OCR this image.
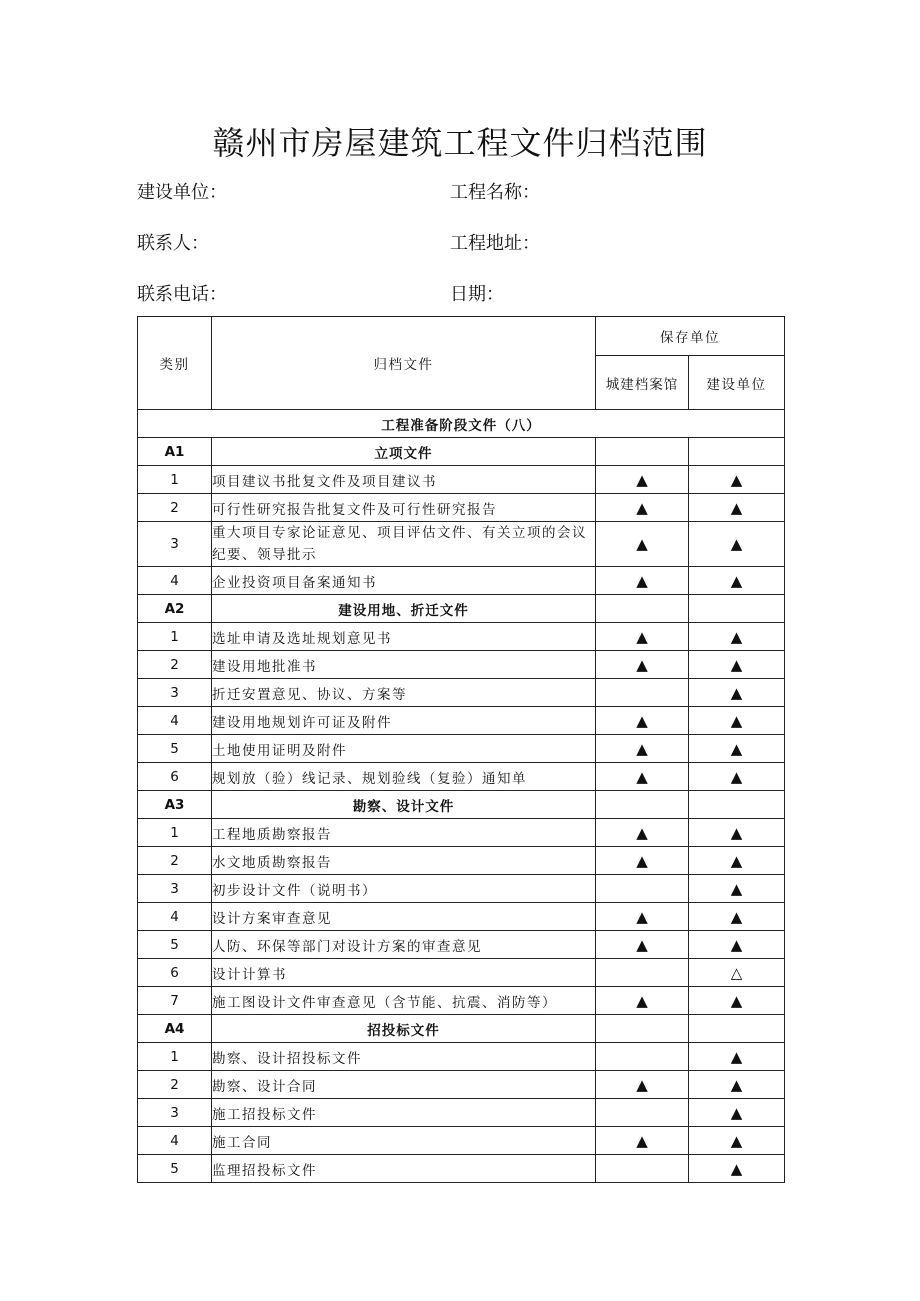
赣州市房屋建筑工程文件归档范围
建设单位：	工程名称：
联系人：	工程地址：
联系电话：	日期：
类别	归档文件	保存单位	
		城建档案馆	建设单位
工程准备阶段文件（八）			
A1	立项文件		
1	项目建议书批复文件及项目建议书	▲	▲
2	可行性研究报告批复文件及可行性研究报告	▲	▲
3	重大项目专家论证意见、项目评估文件、有关立项的会议纪要、领导批示	▲	▲
4	企业投资项目备案通知书	▲	▲
A2	建设用地、折迁文件		
1	选址申请及选址规划意见书	▲	▲
2	建设用地批准书	▲	▲
3	折迁安置意见、协议、方案等		▲
4	建设用地规划许可证及附件	▲	▲
5	土地使用证明及附件	▲	▲
6	规划放（验）线记录、规划验线（复验）通知单	▲	▲
A3	勘察、设计文件		
1	工程地质勘察报告	▲	▲
2	水文地质勘察报告	▲	▲
3	初步设计文件（说明书）		▲
4	设计方案审查意见	▲	▲
5	人防、环保等部门对设计方案的审查意见	▲	▲
6	设计计算书		△
7	施工图设计文件审查意见（含节能、抗震、消防等）	▲	▲
A4	招投标文件		
1	勘察、设计招投标文件		▲
2	勘察、设计合同	▲	▲
3	施工招投标文件		▲
4	施工合同	▲	▲
5	监理招投标文件		▲
